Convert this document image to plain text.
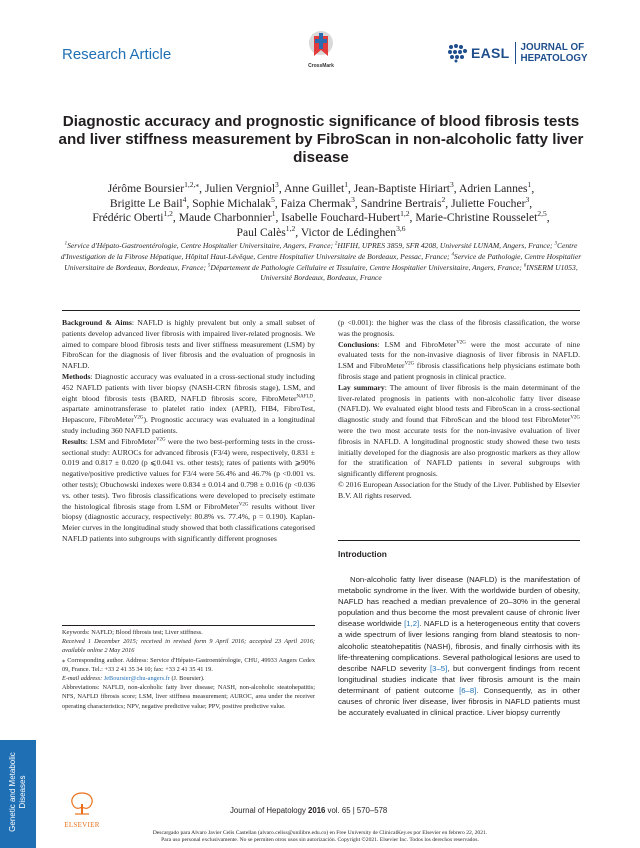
Research Article
CrossMark
EASL JOURNAL OF
HEPATOLOGY
Diagnostic accuracy and prognostic significance of blood fibrosis tests and liver stiffness measurement by FibroScan in non-alcoholic fatty liver disease
Jérôme Boursier$^{1,2,⁎}$, Julien Vergniol$^3$, Anne Guillet$^1$, Jean-Baptiste Hiriart$^3$, Adrien Lannes$^1$,
Brigitte Le Bail$^4$, Sophie Michalak$^5$, Faiza Chermak$^3$, Sandrine Bertrais$^2$, Juliette Foucher$^3$,
Frédéric Oberti$^{1,2}$, Maude Charbonnier$^1$, Isabelle Fouchard-Hubert$^{1,2}$, Marie-Christine Rousselet$^{2,5}$,
Paul Calès$^{1,2}$, Victor de Lédinghen$^{3,6}$
$^1$Service d'Hépato-Gastroentérologie, Centre Hospitalier Universitaire, Angers, France; $^2$HIFIH, UPRES 3859, SFR 4208, Université LUNAM, Angers, France; $^3$Centre d'Investigation de la Fibrose Hépatique, Hôpital Haut-Lévêque, Centre Hospitalier Universitaire de Bordeaux, Pessac, France; $^4$Service de Pathologie, Centre Hospitalier Universitaire de Bordeaux, Bordeaux, France; $^5$Département de Pathologie Cellulaire et Tissulaire, Centre Hospitalier Universitaire, Angers, France; $^6$INSERM U1053, Université Bordeaux, Bordeaux, France

Background & Aims: NAFLD is highly prevalent but only a small subset of patients develop advanced liver fibrosis with impaired liver-related prognosis. We aimed to compare blood fibrosis tests and liver stiffness measurement (LSM) by FibroScan for the diagnosis of liver fibrosis and the evaluation of prognosis in NAFLD.

Methods: Diagnostic accuracy was evaluated in a cross-sectional study including 452 NAFLD patients with liver biopsy (NASH-CRN fibrosis stage), LSM, and eight blood fibrosis tests (BARD, NAFLD fibrosis score, FibroMeter$^{NAFLD}$, aspartate aminotransferase to platelet ratio index (APRI), FIB4, FibroTest, Hepascore, FibroMeter$^{V2G}$). Prognostic accuracy was evaluated in a longitudinal study including 360 NAFLD patients.

Results: LSM and FibroMeter$^{V2G}$ were the two best-performing tests in the cross-sectional study: AUROCs for advanced fibrosis (F3/4) were, respectively, 0.831 ± 0.019 and 0.817 ± 0.020 (p ⩽0.041 vs. other tests); rates of patients with ⩾90% negative/positive predictive values for F3/4 were 56.4% and 46.7% (p <0.001 vs. other tests); Obuchowski indexes were 0.834 ± 0.014 and 0.798 ± 0.016 (p <0.036 vs. other tests). Two fibrosis classifications were developed to precisely estimate the histological fibrosis stage from LSM or FibroMeter$^{V2G}$ results without liver biopsy (diagnostic accuracy, respectively: 80.8% vs. 77.4%, p = 0.190). Kaplan-Meier curves in the longitudinal study showed that both classifications categorised NAFLD patients into subgroups with significantly different prognoses

(p <0.001): the higher was the class of the fibrosis classification, the worse was the prognosis.

Conclusions: LSM and FibroMeter$^{V2G}$ were the most accurate of nine evaluated tests for the non-invasive diagnosis of liver fibrosis in NAFLD. LSM and FibroMeter$^{V2G}$ fibrosis classifications help physicians estimate both fibrosis stage and patient prognosis in clinical practice.

Lay summary: The amount of liver fibrosis is the main determinant of the liver-related prognosis in patients with non-alcoholic fatty liver disease (NAFLD). We evaluated eight blood tests and FibroScan in a cross-sectional diagnostic study and found that FibroScan and the blood test FibroMeter$^{V2G}$ were the two most accurate tests for the non-invasive evaluation of liver fibrosis in NAFLD. A longitudinal prognostic study showed these two tests initially developed for the diagnosis are also prognostic markers as they allow for the stratification of NAFLD patients in several subgroups with significantly different prognosis.

© 2016 European Association for the Study of the Liver. Published by Elsevier B.V. All rights reserved.

Keywords: NAFLD; Blood fibrosis test; Liver stiffness.

Received 1 December 2015; received in revised form 9 April 2016; accepted 23 April 2016; available online 2 May 2016

⁎ Corresponding author. Address: Service d'Hépato-Gastroentérologie, CHU, 49933 Angers Cedex 09, France. Tel.: +33 2 41 35 34 10; fax: +33 2 41 35 41 19.

E-mail address: JeBoursier@chu-angers.fr (J. Boursier).

Abbreviations: NAFLD, non-alcoholic fatty liver disease; NASH, non-alcoholic steatohepatitis; NFS, NAFLD fibrosis score; LSM, liver stiffness measurement; AUROC, area under the receiver operating characteristics; NPV, negative predictive value; PPV, positive predictive value.

Introduction
Non-alcoholic fatty liver disease (NAFLD) is the manifestation of metabolic syndrome in the liver. With the worldwide burden of obesity, NAFLD has reached a median prevalence of 20–30% in the general population and thus become the most prevalent cause of chronic liver disease worldwide [1,2]. NAFLD is a heterogeneous entity that covers a wide spectrum of liver lesions ranging from bland steatosis to non-alcoholic steatohepatitis (NASH), fibrosis, and finally cirrhosis with its life-threatening complications. Several pathological lesions are used to describe NAFLD severity [3–5], but convergent findings from recent longitudinal studies indicate that liver fibrosis amount is the main determinant of patient outcome [6–8]. Consequently, as in other causes of chronic liver disease, liver fibrosis in NAFLD patients must be accurately evaluated in clinical practice. Liver biopsy currently
Genetic and Metabolic Diseases
ELSEVIER
Journal of Hepatology 2016 vol. 65 | 570–578
Descargado para Alvaro Javier Celis Castellan (alvaro.celiss@unilibre.edu.co) en Free University de ClinicalKey.es por Elsevier en febrero 22, 2021.
Para uso personal exclusivamente. No se permiten otros usos sin autorización. Copyright ©2021. Elsevier Inc. Todos los derechos reservados.
